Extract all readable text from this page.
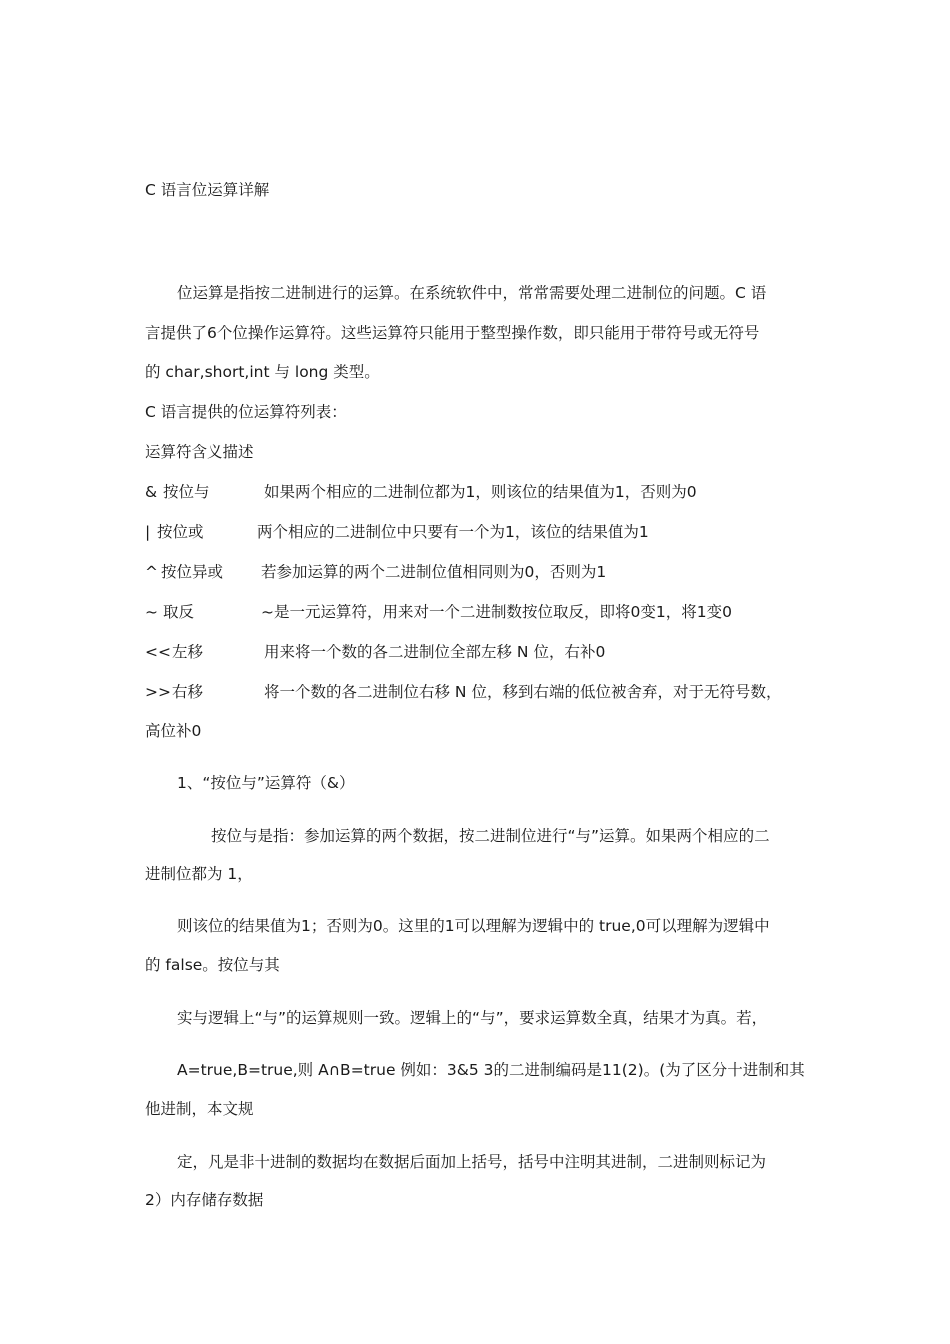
C 语言位运算详解
位运算是指按二进制进行的运算。在系统软件中，常常需要处理二进制位的问题。C 语
言提供了6个位操作运算符。这些运算符只能用于整型操作数，即只能用于带符号或无符号
的 char,short,int 与 long 类型。
C 语言提供的位运算符列表：
运算符含义描述
& 按位与	如果两个相应的二进制位都为1，则该位的结果值为1，否则为0
| 按位或	两个相应的二进制位中只要有一个为1，该位的结果值为1
^ 按位异或 若参加运算的两个二进制位值相同则为0，否则为1
~ 取反	~是一元运算符，用来对一个二进制数按位取反，即将0变1，将1变0
<< 左移	用来将一个数的各二进制位全部左移 N 位，右补0
>> 右移	将一个数的各二进制位右移 N 位，移到右端的低位被舍弃，对于无符号数，
高位补0
1、“按位与”运算符（&）
按位与是指：参加运算的两个数据，按二进制位进行“与”运算。如果两个相应的二
进制位都为 1，
则该位的结果值为1；否则为0。这里的1可以理解为逻辑中的 true,0可以理解为逻辑中
的 false。按位与其
实与逻辑上“与”的运算规则一致。逻辑上的“与”，要求运算数全真，结果才为真。若，
A=true,B=true,则 A∩B=true 例如：3&5 3的二进制编码是11(2)。(为了区分十进制和其
他进制，本文规
定，凡是非十进制的数据均在数据后面加上括号，括号中注明其进制，二进制则标记为
2）内存储存数据
